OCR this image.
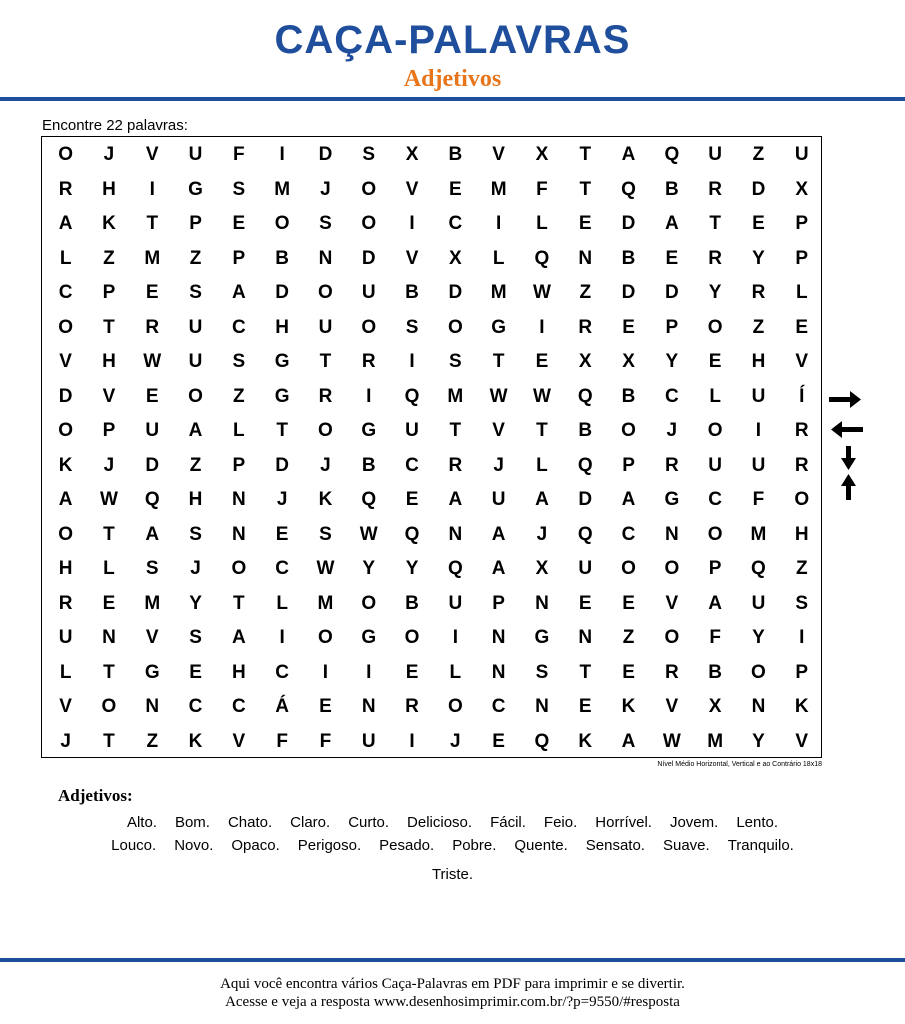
CAÇA-PALAVRAS
Adjetivos
Encontre 22 palavras:
O	J	V	U	F	I	D	S	X	B	V	X	T	A	Q	U	Z	U
R	H	I	G	S	M	J	O	V	E	M	F	T	Q	B	R	D	X
A	K	T	P	E	O	S	O	I	C	I	L	E	D	A	T	E	P
L	Z	M	Z	P	B	N	D	V	X	L	Q	N	B	E	R	Y	P
C	P	E	S	A	D	O	U	B	D	M	W	Z	D	D	Y	R	L
O	T	R	U	C	H	U	O	S	O	G	I	R	E	P	O	Z	E
V	H	W	U	S	G	T	R	I	S	T	E	X	X	Y	E	H	V
D	V	E	O	Z	G	R	I	Q	M	W	W	Q	B	C	L	U	Í
O	P	U	A	L	T	O	G	U	T	V	T	B	O	J	O	I	R
K	J	D	Z	P	D	J	B	C	R	J	L	Q	P	R	U	U	R
A	W	Q	H	N	J	K	Q	E	A	U	A	D	A	G	C	F	O
O	T	A	S	N	E	S	W	Q	N	A	J	Q	C	N	O	M	H
H	L	S	J	O	C	W	Y	Y	Q	A	X	U	O	O	P	Q	Z
R	E	M	Y	T	L	M	O	B	U	P	N	E	E	V	A	U	S
U	N	V	S	A	I	O	G	O	I	N	G	N	Z	O	F	Y	I
L	T	G	E	H	C	I	I	E	L	N	S	T	E	R	B	O	P
V	O	N	C	C	Á	E	N	R	O	C	N	E	K	V	X	N	K
J	T	Z	K	V	F	F	U	I	J	E	Q	K	A	W	M	Y	V
Nível Médio Horizontal, Vertical e ao Contrário 18x18
Adjetivos:
Alto. Bom. Chato. Claro. Curto. Delicioso. Fácil. Feio. Horrível. Jovem. Lento.
Louco. Novo. Opaco. Perigoso. Pesado. Pobre. Quente. Sensato. Suave. Tranquilo.
Triste.
Aqui você encontra vários Caça-Palavras em PDF para imprimir e se divertir.
Acesse e veja a resposta www.desenhosimprimir.com.br/?p=9550/#resposta
